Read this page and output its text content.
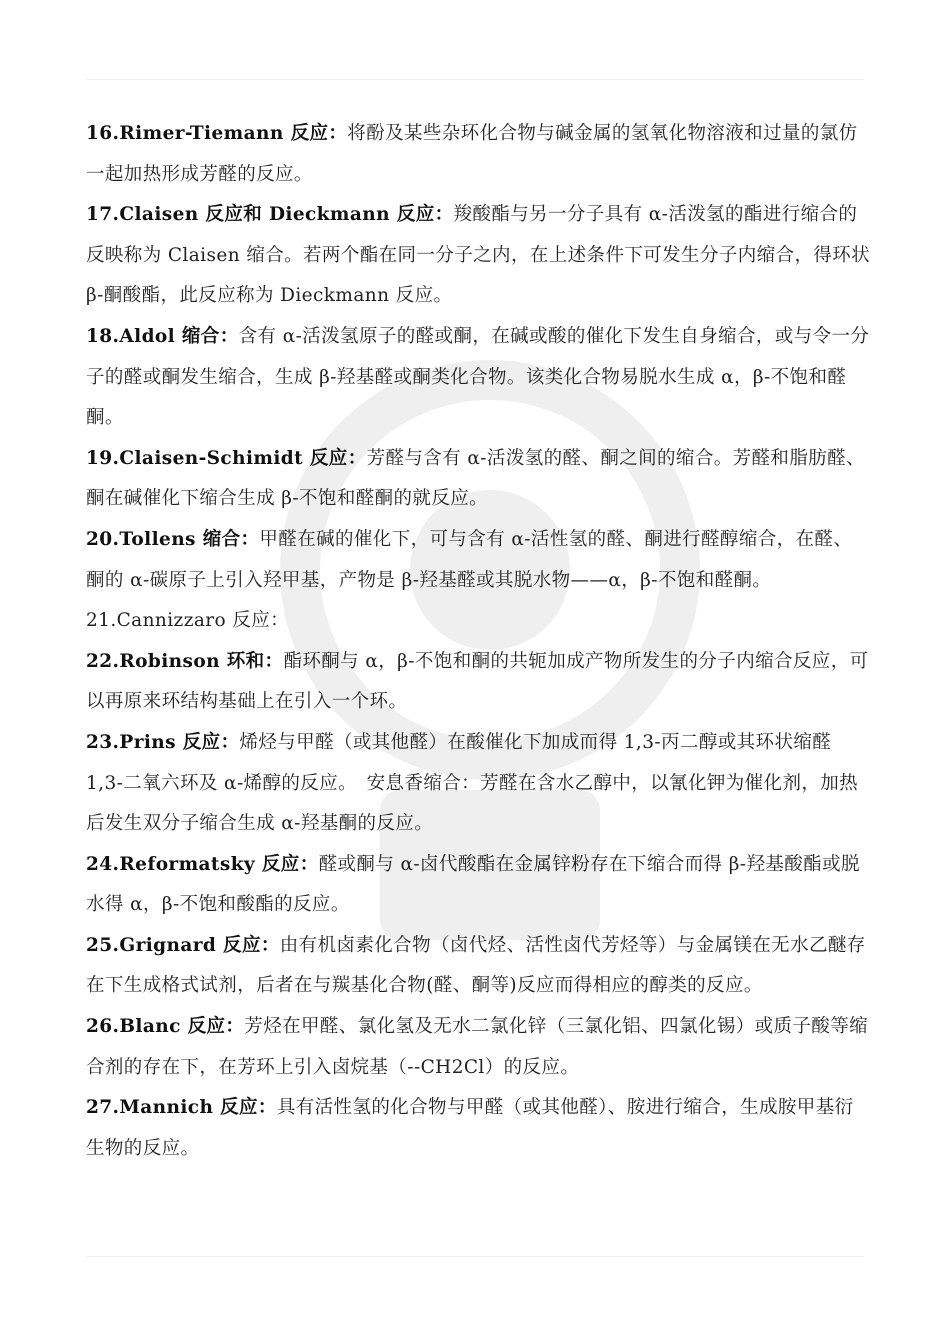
16.Rimer-Tiemann 反应：将酚及某些杂环化合物与碱金属的氢氧化物溶液和过量的氯仿一起加热形成芳醛的反应。

17.Claisen 反应和 Dieckmann 反应：羧酸酯与另一分子具有 α-活泼氢的酯进行缩合的反映称为 Claisen 缩合。若两个酯在同一分子之内，在上述条件下可发生分子内缩合，得环状 β-酮酸酯，此反应称为 Dieckmann 反应。

18.Aldol 缩合：含有 α-活泼氢原子的醛或酮，在碱或酸的催化下发生自身缩合，或与令一分子的醛或酮发生缩合，生成 β-羟基醛或酮类化合物。该类化合物易脱水生成 α，β-不饱和醛酮。

19.Claisen-Schimidt 反应：芳醛与含有 α-活泼氢的醛、酮之间的缩合。芳醛和脂肪醛、酮在碱催化下缩合生成 β-不饱和醛酮的就反应。

20.Tollens 缩合：甲醛在碱的催化下，可与含有 α-活性氢的醛、酮进行醛醇缩合，在醛、酮的 α-碳原子上引入羟甲基，产物是 β-羟基醛或其脱水物——α，β-不饱和醛酮。

21.Cannizzaro 反应：

22.Robinson 环和：酯环酮与 α，β-不饱和酮的共轭加成产物所发生的分子内缩合反应，可以再原来环结构基础上在引入一个环。

23.Prins 反应：烯烃与甲醛（或其他醛）在酸催化下加成而得 1,3-丙二醇或其环状缩醛 1,3-二氧六环及 α-烯醇的反应。　安息香缩合：芳醛在含水乙醇中，以氰化钾为催化剂，加热后发生双分子缩合生成 α-羟基酮的反应。

24.Reformatsky 反应：醛或酮与 α-卤代酸酯在金属锌粉存在下缩合而得 β-羟基酸酯或脱水得 α，β-不饱和酸酯的反应。

25.Grignard 反应：由有机卤素化合物（卤代烃、活性卤代芳烃等）与金属镁在无水乙醚存在下生成格式试剂，后者在与羰基化合物(醛、酮等)反应而得相应的醇类的反应。

26.Blanc 反应：芳烃在甲醛、氯化氢及无水二氯化锌（三氯化铝、四氯化锡）或质子酸等缩合剂的存在下，在芳环上引入卤烷基（--CH2Cl）的反应。

27.Mannich 反应：具有活性氢的化合物与甲醛（或其他醛）、胺进行缩合，生成胺甲基衍生物的反应。
